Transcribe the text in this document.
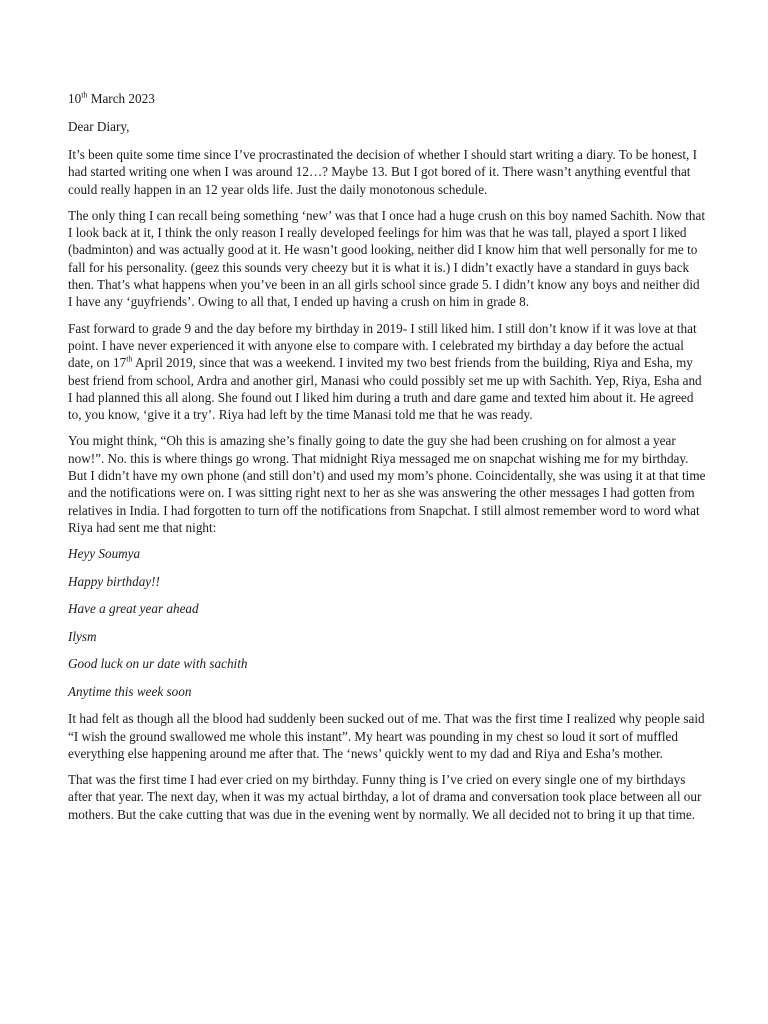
10th March 2023
Dear Diary,

It’s been quite some time since I’ve procrastinated the decision of whether I should start writing a diary. To be honest, I had started writing one when I was around 12…? Maybe 13. But I got bored of it. There wasn’t anything eventful that could really happen in an 12 year olds life. Just the daily monotonous schedule.

The only thing I can recall being something ‘new’ was that I once had a huge crush on this boy named Sachith. Now that I look back at it, I think the only reason I really developed feelings for him was that he was tall, played a sport I liked (badminton) and was actually good at it. He wasn’t good looking, neither did I know him that well personally for me to fall for his personality. (geez this sounds very cheezy but it is what it is.) I didn’t exactly have a standard in guys back then. That’s what happens when you’ve been in an all girls school since grade 5. I didn’t know any boys and neither did I have any ‘guyfriends’. Owing to all that, I ended up having a crush on him in grade 8.

Fast forward to grade 9 and the day before my birthday in 2019- I still liked him. I still don’t know if it was love at that point. I have never experienced it with anyone else to compare with. I celebrated my birthday a day before the actual date, on 17th April 2019, since that was a weekend. I invited my two best friends from the building, Riya and Esha, my best friend from school, Ardra and another girl, Manasi who could possibly set me up with Sachith. Yep, Riya, Esha and I had planned this all along. She found out I liked him during a truth and dare game and texted him about it. He agreed to, you know, ‘give it a try’. Riya had left by the time Manasi told me that he was ready.

You might think, “Oh this is amazing she’s finally going to date the guy she had been crushing on for almost a year now!”. No. this is where things go wrong. That midnight Riya messaged me on snapchat wishing me for my birthday. But I didn’t have my own phone (and still don’t) and used my mom’s phone. Coincidentally, she was using it at that time and the notifications were on. I was sitting right next to her as she was answering the other messages I had gotten from relatives in India. I had forgotten to turn off the notifications from Snapchat. I still almost remember word to word what Riya had sent me that night:

Heyy Soumya
Happy birthday!!
Have a great year ahead
Ilysm
Good luck on ur date with sachith
Anytime this week soon

It had felt as though all the blood had suddenly been sucked out of me. That was the first time I realized why people said “I wish the ground swallowed me whole this instant”. My heart was pounding in my chest so loud it sort of muffled everything else happening around me after that. The ‘news’ quickly went to my dad and Riya and Esha’s mother.

That was the first time I had ever cried on my birthday. Funny thing is I’ve cried on every single one of my birthdays after that year. The next day, when it was my actual birthday, a lot of drama and conversation took place between all our mothers. But the cake cutting that was due in the evening went by normally. We all decided not to bring it up that time.
